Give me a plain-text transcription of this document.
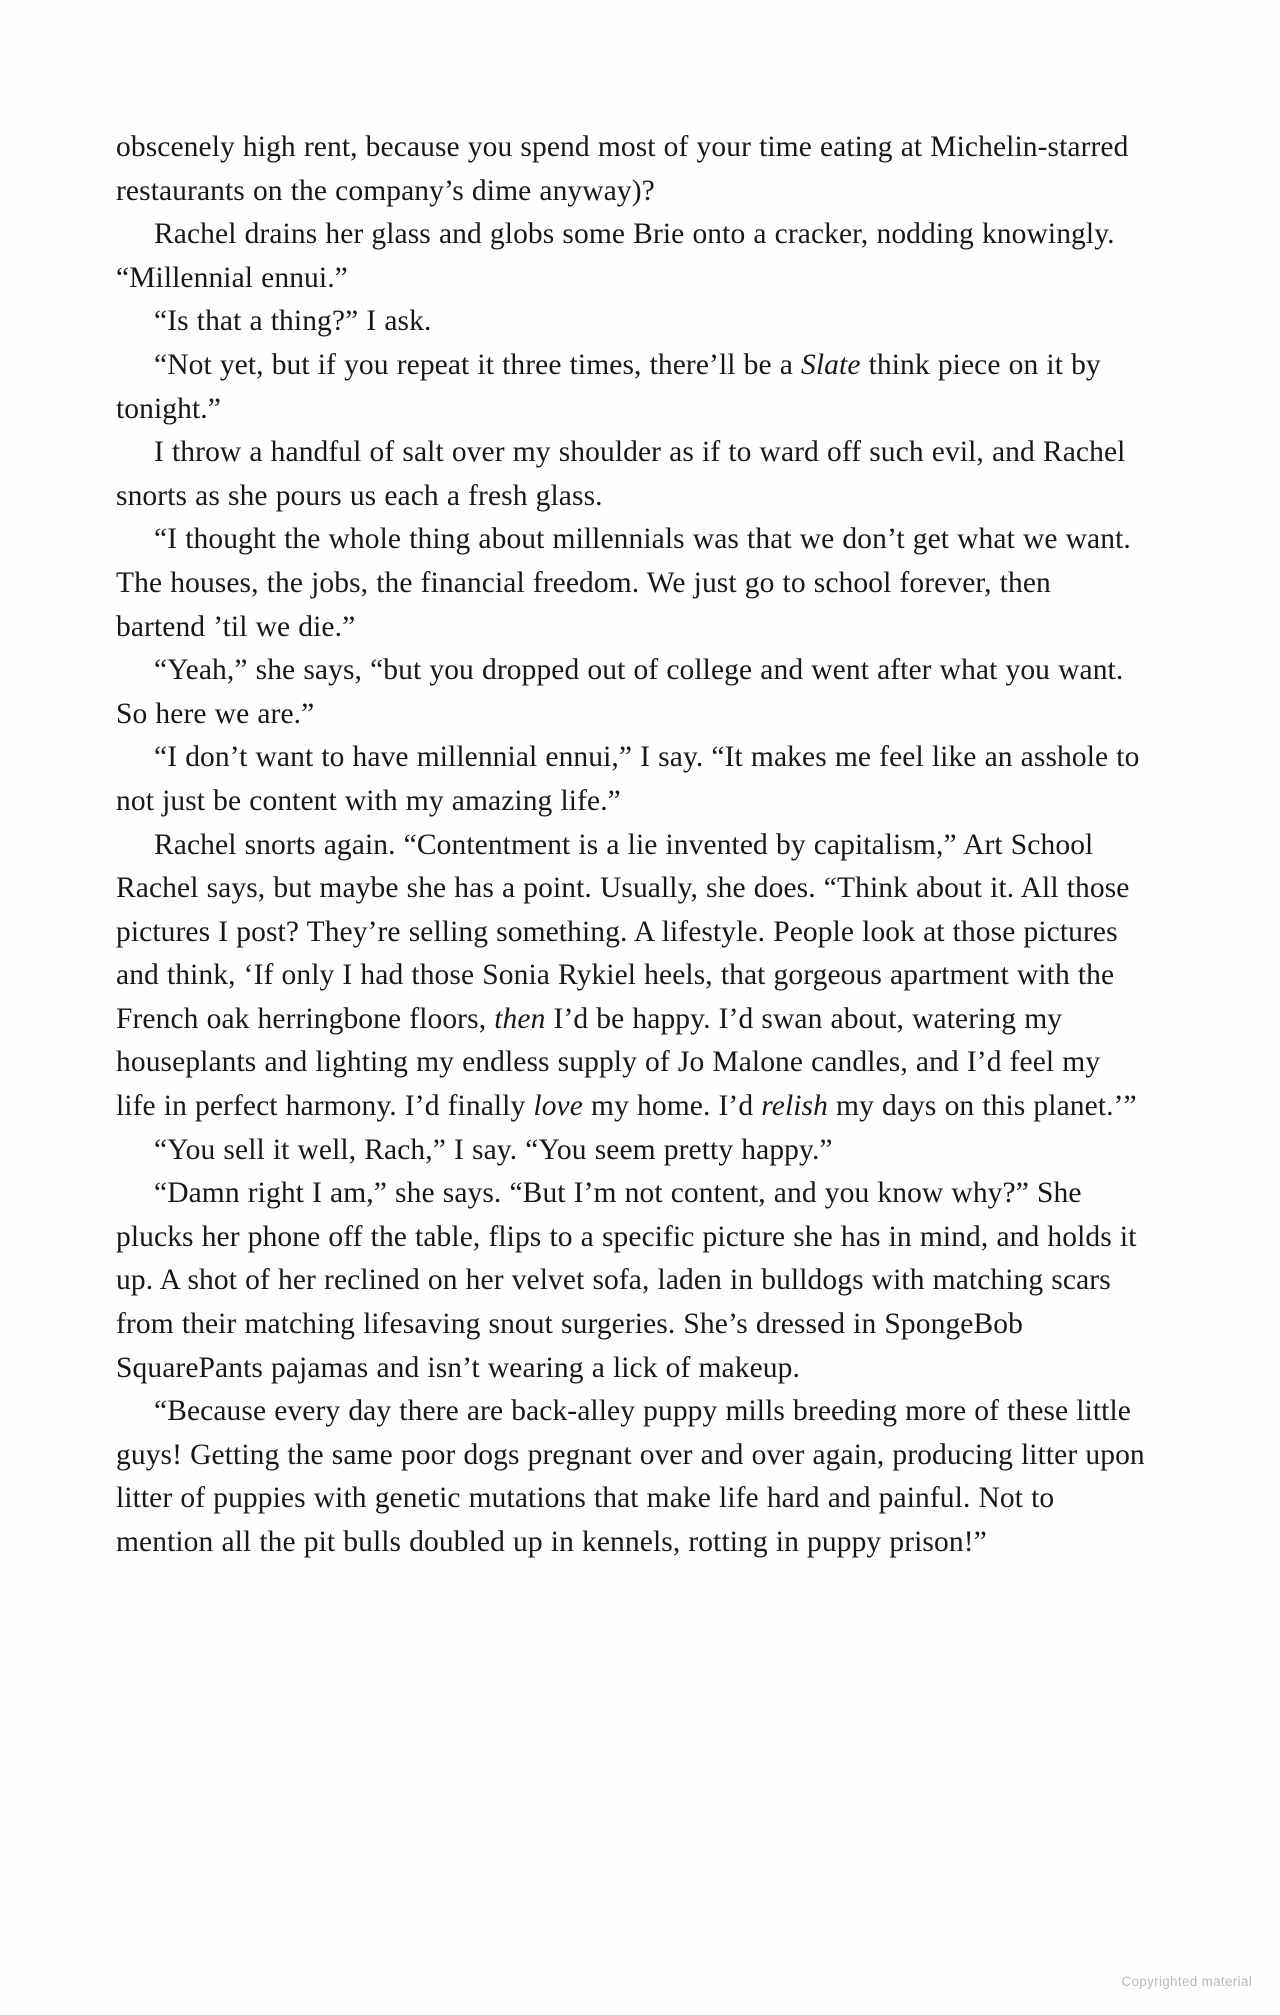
obscenely high rent, because you spend most of your time eating at Michelin-starred restaurants on the company’s dime anyway)?

Rachel drains her glass and globs some Brie onto a cracker, nodding knowingly. “Millennial ennui.”

“Is that a thing?” I ask.

“Not yet, but if you repeat it three times, there’ll be a Slate think piece on it by tonight.”

I throw a handful of salt over my shoulder as if to ward off such evil, and Rachel snorts as she pours us each a fresh glass.

“I thought the whole thing about millennials was that we don’t get what we want. The houses, the jobs, the financial freedom. We just go to school forever, then bartend ’til we die.”

“Yeah,” she says, “but you dropped out of college and went after what you want. So here we are.”

“I don’t want to have millennial ennui,” I say. “It makes me feel like an asshole to not just be content with my amazing life.”

Rachel snorts again. “Contentment is a lie invented by capitalism,” Art School Rachel says, but maybe she has a point. Usually, she does. “Think about it. All those pictures I post? They’re selling something. A lifestyle. People look at those pictures and think, ‘If only I had those Sonia Rykiel heels, that gorgeous apartment with the French oak herringbone floors, then I’d be happy. I’d swan about, watering my houseplants and lighting my endless supply of Jo Malone candles, and I’d feel my life in perfect harmony. I’d finally love my home. I’d relish my days on this planet.’”

“You sell it well, Rach,” I say. “You seem pretty happy.”

“Damn right I am,” she says. “But I’m not content, and you know why?” She plucks her phone off the table, flips to a specific picture she has in mind, and holds it up. A shot of her reclined on her velvet sofa, laden in bulldogs with matching scars from their matching lifesaving snout surgeries. She’s dressed in SpongeBob SquarePants pajamas and isn’t wearing a lick of makeup.

“Because every day there are back-alley puppy mills breeding more of these little guys! Getting the same poor dogs pregnant over and over again, producing litter upon litter of puppies with genetic mutations that make life hard and painful. Not to mention all the pit bulls doubled up in kennels, rotting in puppy prison!”

Copyrighted material
